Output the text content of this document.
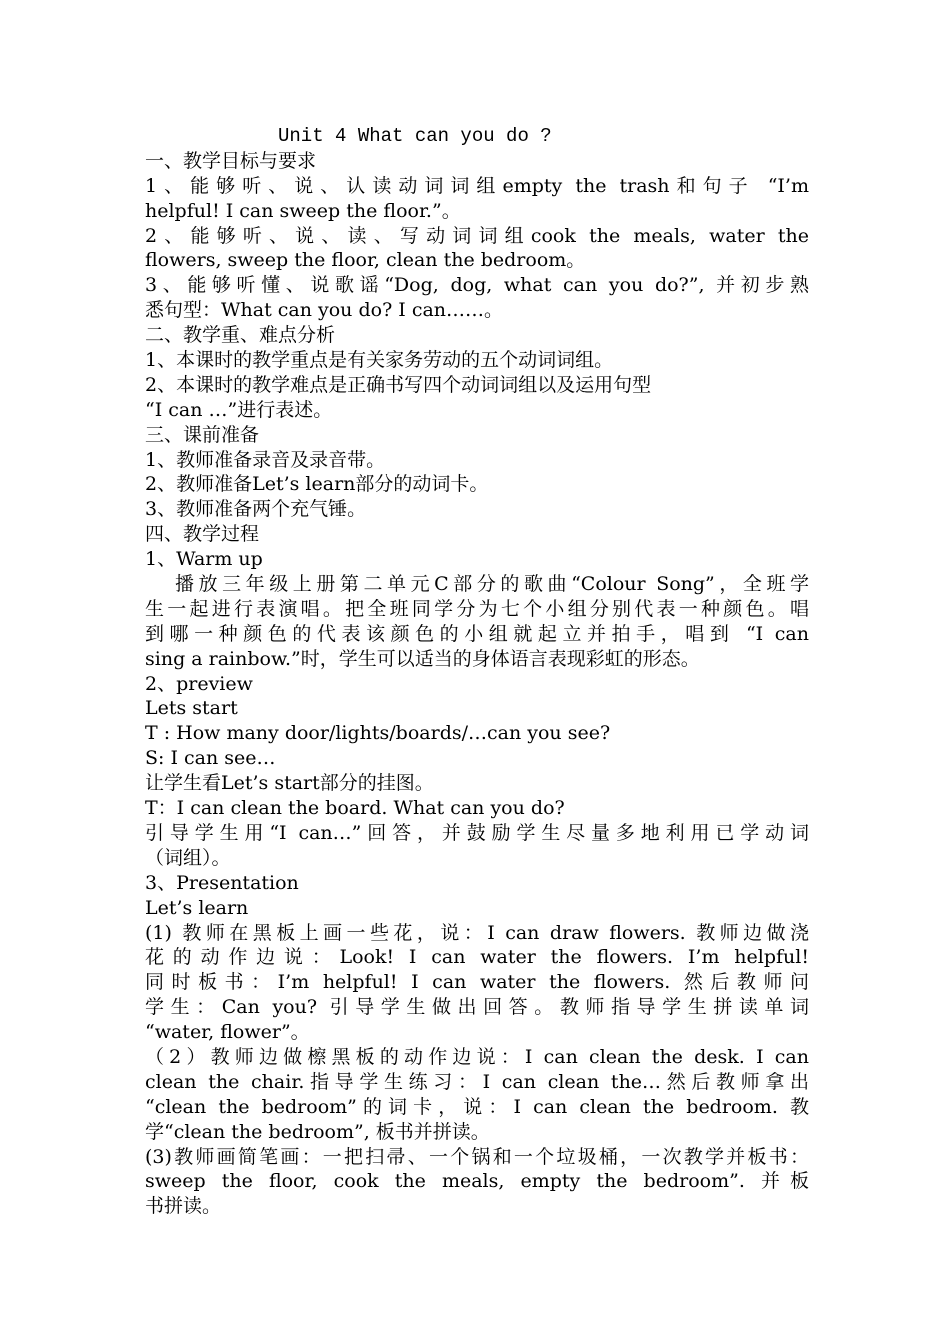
Unit 4 What can you do ?
一、教学目标与要求
1、能够听、说、认读动词词组empty the trash和句子 “I’m
helpful! I can sweep the floor.”。
2、能够听、说、读、写动词词组cook the meals, water the
flowers, sweep the floor, clean the bedroom。
3、能够听懂、说歌谣“Dog, dog, what can you do?”, 并初步熟
悉句型：What can you do? I can……。
二、教学重、难点分析
1、本课时的教学重点是有关家务劳动的五个动词词组。
2、本课时的教学难点是正确书写四个动词词组以及运用句型
“I can …”进行表述。
三、课前准备
1、教师准备录音及录音带。
2、教师准备Let’s learn部分的动词卡。
3、教师准备两个充气锤。
四、教学过程
1、Warm up
播放三年级上册第二单元C部分的歌曲“Colour Song”，全班学
生一起进行表演唱。把全班同学分为七个小组分别代表一种颜色。唱
到哪一种颜色的代表该颜色的小组就起立并拍手，唱到 “I can
sing a rainbow.”时，学生可以适当的身体语言表现彩虹的形态。
2、preview
Lets start
T : How many door/lights/boards/…can you see?
S: I can see…
让学生看Let’s start部分的挂图。
T：I can clean the board. What can you do?
引导学生用“I can…”回答，并鼓励学生尽量多地利用已学动词
（词组）。
3、Presentation
Let’s learn
(1) 教师在黑板上画一些花，说：I can draw flowers. 教师边做浇
花的动作边说：Look! I can water the flowers. I’m helpful!
同时板书：I’m helpful! I can water the flowers. 然后教师问
学生：Can you? 引导学生做出回答。教师指导学生拼读单词
“water, flower”。
（2）教师边做檫黑板的动作边说：I can clean the desk. I can
clean the chair.指导学生练习：I can clean the…然后教师拿出
“clean the bedroom”的词卡，说：I can clean the bedroom. 教
学“clean the bedroom”, 板书并拼读。
(3)教师画简笔画：一把扫帚、一个锅和一个垃圾桶，一次教学并板书：
sweep the floor, cook the meals, empty the bedroom”. 并板
书拼读。
